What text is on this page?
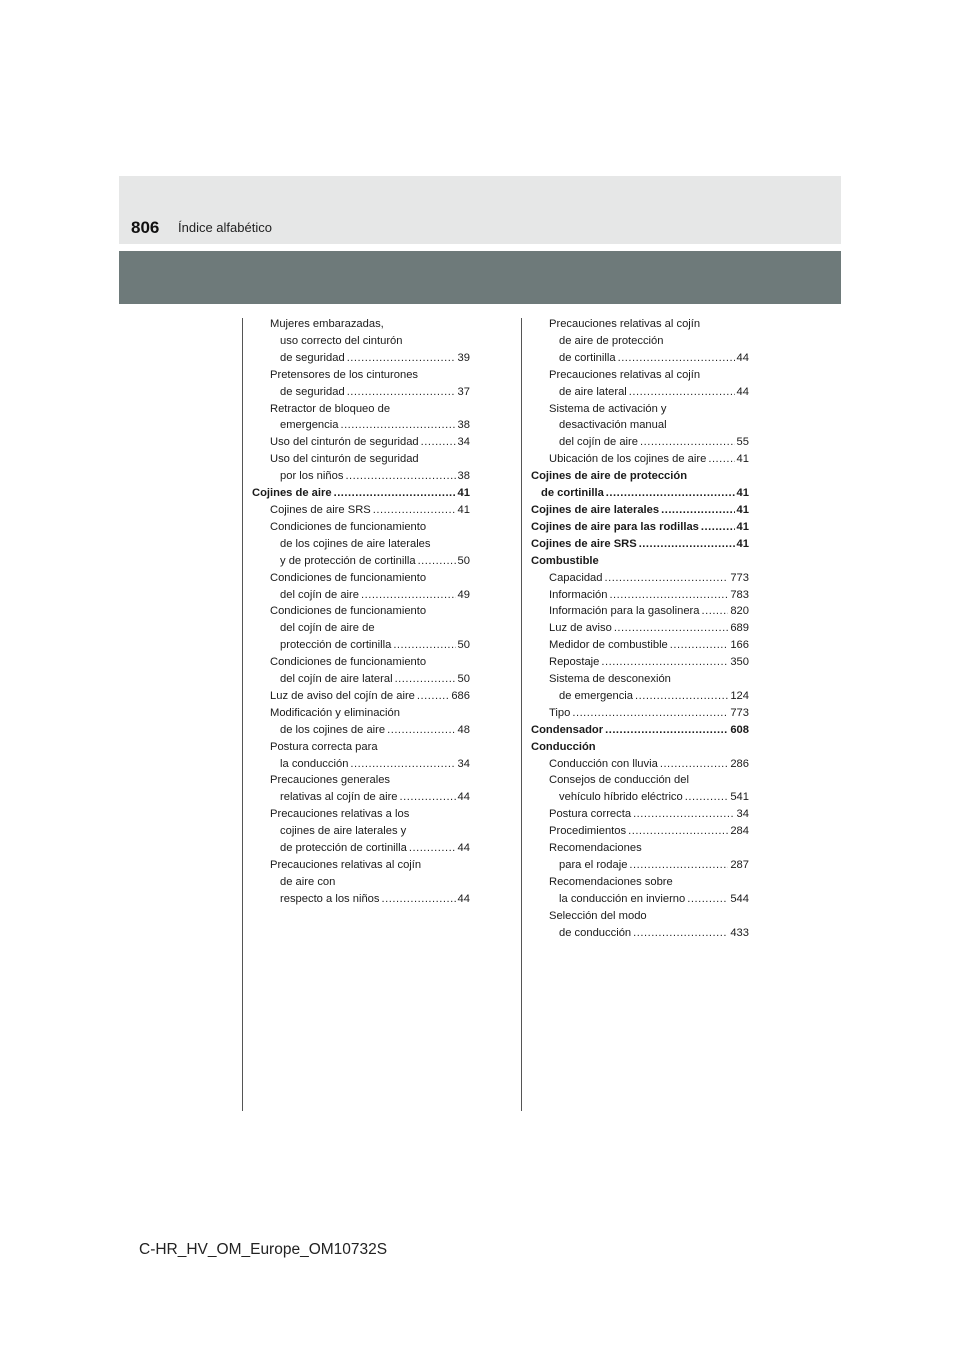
806 Índice alfabético
Mujeres embarazadas,
uso correcto del cinturón
de seguridad .....	39
Pretensores de los cinturones
de seguridad .....	37
Retractor de bloqueo de
emergencia .....	38
Uso del cinturón de seguridad .....	34
Uso del cinturón de seguridad
por los niños .....	38
Cojines de aire .....	41
Cojines de aire SRS .....	41
Condiciones de funcionamiento
de los cojines de aire laterales
y de protección de cortinilla .....	50
Condiciones de funcionamiento
del cojín de aire .....	49
Condiciones de funcionamiento
del cojín de aire de
protección de cortinilla .....	50
Condiciones de funcionamiento
del cojín de aire lateral .....	50
Luz de aviso del cojín de aire .....	686
Modificación y eliminación
de los cojines de aire .....	48
Postura correcta para
la conducción .....	34
Precauciones generales
relativas al cojín de aire .....	44
Precauciones relativas a los
cojines de aire laterales y
de protección de cortinilla .....	44
Precauciones relativas al cojín
de aire con
respecto a los niños .....	44
Precauciones relativas al cojín
de aire de protección
de cortinilla .....	44
Precauciones relativas al cojín
de aire lateral .....	44
Sistema de activación y
desactivación manual
del cojín de aire .....	55
Ubicación de los cojines de aire .....	41
Cojines de aire de protección
de cortinilla .....	41
Cojines de aire laterales .....	41
Cojines de aire para las rodillas .....	41
Cojines de aire SRS .....	41
Combustible
Capacidad .....	773
Información .....	783
Información para la gasolinera .....	820
Luz de aviso .....	689
Medidor de combustible .....	166
Repostaje .....	350
Sistema de desconexión
de emergencia .....	124
Tipo .....	773
Condensador .....	608
Conducción
Conducción con lluvia .....	286
Consejos de conducción del
vehículo híbrido eléctrico .....	541
Postura correcta .....	34
Procedimientos .....	284
Recomendaciones
para el rodaje .....	287
Recomendaciones sobre
la conducción en invierno .....	544
Selección del modo
de conducción .....	433
C-HR_HV_OM_Europe_OM10732S
